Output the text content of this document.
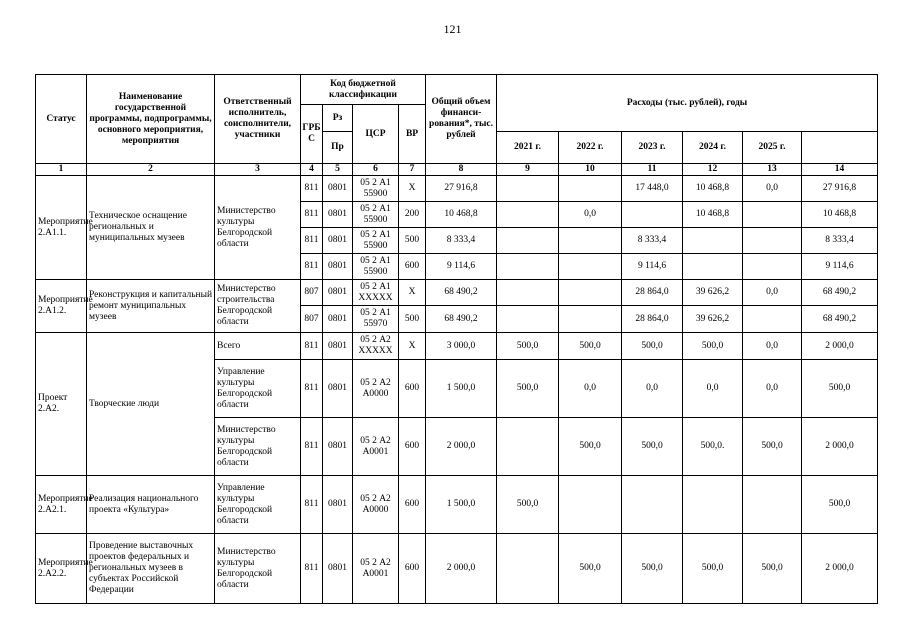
121
Статус	Наименование государственной программы, подпрограммы, основного мероприятия, мероприятия	Ответственный исполнитель, соисполнители, участники	Код бюджетной классификации				Общий объем финанси-рования*, тыс. рублей	Расходы (тыс. рублей), годы	
			ГРБС	Рз	ЦСР	ВР								
				Пр				2021 г.	2022 г.	2023 г.	2024 г.	2025 г.		
1	2	3	4	5	6	7	8	9	10	11	12	13	14	
Мероприятие 2.А1.1.	Техническое оснащение региональных и муниципальных музеев	Министерство культуры Белгородской области	811	0801	05 2 А1 55900	Х	27 916,8			17 448,0	10 468,8	0,0	27 916,8	
			811	0801	05 2 А1 55900	200	10 468,8		0,0		10 468,8		10 468,8	
			811	0801	05 2 А1 55900	500	8 333,4			8 333,4			8 333,4	
			811	0801	05 2 А1 55900	600	9 114,6			9 114,6			9 114,6	
Мероприятие 2.А1.2.	Реконструкция и капитальный ремонт муниципальных музеев	Министерство строительства Белгородской области	807	0801	05 2 А1 ХХХХХ	Х	68 490,2			28 864,0	39 626,2	0,0	68 490,2	
			807	0801	05 2 А1 55970	500	68 490,2			28 864,0	39 626,2		68 490,2	
Проект 2.А2.	Творческие люди	Всего	811	0801	05 2 А2 ХХХХХ	Х	3 000,0	500,0	500,0	500,0	500,0	0,0	2 000,0	
		Управление культуры Белгородской области	811	0801	05 2 А2 А0000	600	1 500,0	500,0	0,0	0,0	0,0	0,0	500,0	
		Министерство культуры Белгородской области	811	0801	05 2 А2 А0001	600	2 000,0		500,0	500,0	500,0.	500,0	2 000,0	
Мероприятие 2.А2.1.	Реализация национального проекта «Культура»	Управление культуры Белгородской области	811	0801	05 2 А2 А0000	600	1 500,0	500,0					500,0	
Мероприятие 2.А2.2.	Проведение выставочных проектов федеральных и региональных музеев в субъектах Российской Федерации	Министерство культуры Белгородской области	811	0801	05 2 А2 А0001	600	2 000,0		500,0	500,0	500,0	500,0	2 000,0	
